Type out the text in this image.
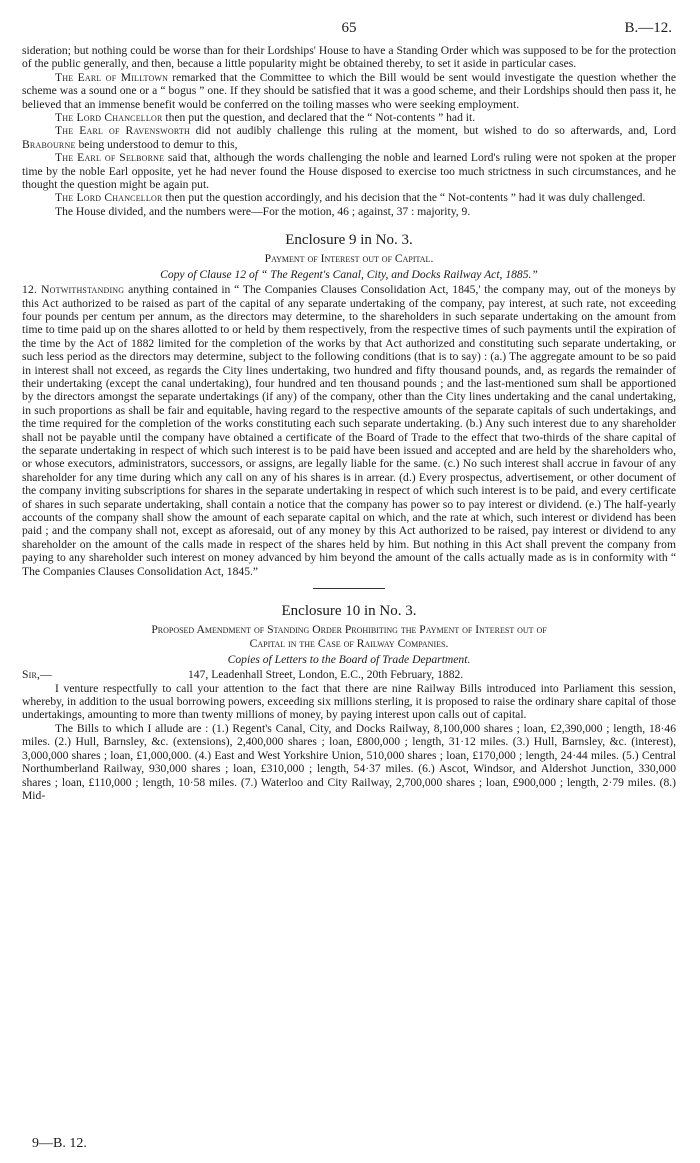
65	B.—12.

sideration; but nothing could be worse than for their Lordships' House to have a Standing Order which was supposed to be for the protection of the public generally, and then, because a little popularity might be obtained thereby, to set it aside in particular cases.

The Earl of Milltown remarked that the Committee to which the Bill would be sent would investigate the question whether the scheme was a sound one or a “ bogus ” one. If they should be satisfied that it was a good scheme, and their Lordships should then pass it, he believed that an immense benefit would be conferred on the toiling masses who were seeking employment.

The Lord Chancellor then put the question, and declared that the “ Not-contents ” had it.

The Earl of Ravensworth did not audibly challenge this ruling at the moment, but wished to do so afterwards, and, Lord Brabourne being understood to demur to this,

The Earl of Selborne said that, although the words challenging the noble and learned Lord's ruling were not spoken at the proper time by the noble Earl opposite, yet he had never found the House disposed to exercise too much strictness in such circumstances, and he thought the question might be again put.

The Lord Chancellor then put the question accordingly, and his decision that the “ Not-contents ” had it was duly challenged.

The House divided, and the numbers were—For the motion, 46 ; against, 37 : majority, 9.

Enclosure 9 in No. 3.
Payment of Interest out of Capital.
Copy of Clause 12 of “ The Regent's Canal, City, and Docks Railway Act, 1885.”

12. Notwithstanding anything contained in “ The Companies Clauses Consolidation Act, 1845,' the company may, out of the moneys by this Act authorized to be raised as part of the capital of any separate undertaking of the company, pay interest, at such rate, not exceeding four pounds per centum per annum, as the directors may determine, to the shareholders in such separate undertaking on the amount from time to time paid up on the shares allotted to or held by them respectively, from the respective times of such payments until the expiration of the time by the Act of 1882 limited for the completion of the works by that Act authorized and constituting such separate undertaking, or such less period as the directors may determine, subject to the following conditions (that is to say) : (a.) The aggregate amount to be so paid in interest shall not exceed, as regards the City lines undertaking, two hundred and fifty thousand pounds, and, as regards the remainder of their undertaking (except the canal undertaking), four hundred and ten thousand pounds ; and the last-mentioned sum shall be apportioned by the directors amongst the separate undertakings (if any) of the company, other than the City lines undertaking and the canal undertaking, in such proportions as shall be fair and equitable, having regard to the respective amounts of the separate capitals of such undertakings, and the time required for the completion of the works constituting each such separate undertaking. (b.) Any such interest due to any shareholder shall not be payable until the company have obtained a certificate of the Board of Trade to the effect that two-thirds of the share capital of the separate undertaking in respect of which such interest is to be paid have been issued and accepted and are held by the shareholders who, or whose executors, administrators, successors, or assigns, are legally liable for the same. (c.) No such interest shall accrue in favour of any shareholder for any time during which any call on any of his shares is in arrear. (d.) Every prospectus, advertisement, or other document of the company inviting subscriptions for shares in the separate undertaking in respect of which such interest is to be paid, and every certificate of shares in such separate undertaking, shall contain a notice that the company has power so to pay interest or dividend. (e.) The half-yearly accounts of the company shall show the amount of each separate capital on which, and the rate at which, such interest or dividend has been paid ; and the company shall not, except as aforesaid, out of any money by this Act authorized to be raised, pay interest or dividend to any shareholder on the amount of the calls made in respect of the shares held by him. But nothing in this Act shall prevent the company from paying to any shareholder such interest on money advanced by him beyond the amount of the calls actually made as is in conformity with “ The Companies Clauses Consolidation Act, 1845.”

Enclosure 10 in No. 3.
Proposed Amendment of Standing Order Prohibiting the Payment of Interest out of
Capital in the Case of Railway Companies.
Copies of Letters to the Board of Trade Department.
Sir,—	147, Leadenhall Street, London, E.C., 20th February, 1882.

I venture respectfully to call your attention to the fact that there are nine Railway Bills introduced into Parliament this session, whereby, in addition to the usual borrowing powers, exceeding six millions sterling, it is proposed to raise the ordinary share capital of those undertakings, amounting to more than twenty millions of money, by paying interest upon calls out of capital.

The Bills to which I allude are : (1.) Regent's Canal, City, and Docks Railway, 8,100,000 shares ; loan, £2,390,000 ; length, 18·46 miles. (2.) Hull, Barnsley, &c. (extensions), 2,400,000 shares ; loan, £800,000 ; length, 31·12 miles. (3.) Hull, Barnsley, &c. (interest), 3,000,000 shares ; loan, £1,000,000. (4.) East and West Yorkshire Union, 510,000 shares ; loan, £170,000 ; length, 24·44 miles. (5.) Central Northumberland Railway, 930,000 shares ; loan, £310,000 ; length, 54·37 miles. (6.) Ascot, Windsor, and Aldershot Junction, 330,000 shares ; loan, £110,000 ; length, 10·58 miles. (7.) Waterloo and City Railway, 2,700,000 shares ; loan, £900,000 ; length, 2·79 miles. (8.) Mid-

9—B. 12.
